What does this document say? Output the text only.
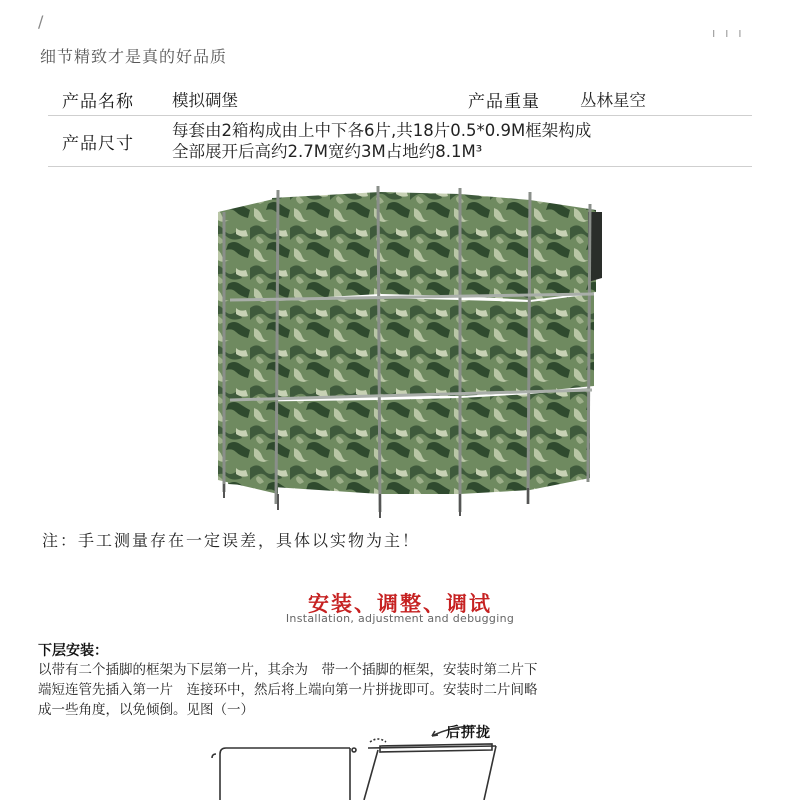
/
ı ı ı
细节精致才是真的好品质
产品名称 模拟碉堡	产品重量 丛林星空
产品尺寸
每套由2箱构成由上中下各6片,共18片0.5*0.9M框架构成
全部展开后高约2.7M宽约3M占地约8.1M³
注：手工测量存在一定误差，具体以实物为主！
安装、调整、调试
Installation, adjustment and debugging
下层安装：
以带有二个插脚的框架为下层第一片，其余为　带一个插脚的框架，安装时第二片下
端短连管先插入第一片　连接环中，然后将上端向第一片拼拢即可。安装时二片间略
成一些角度，以免倾倒。见图（一）
后拼拢
